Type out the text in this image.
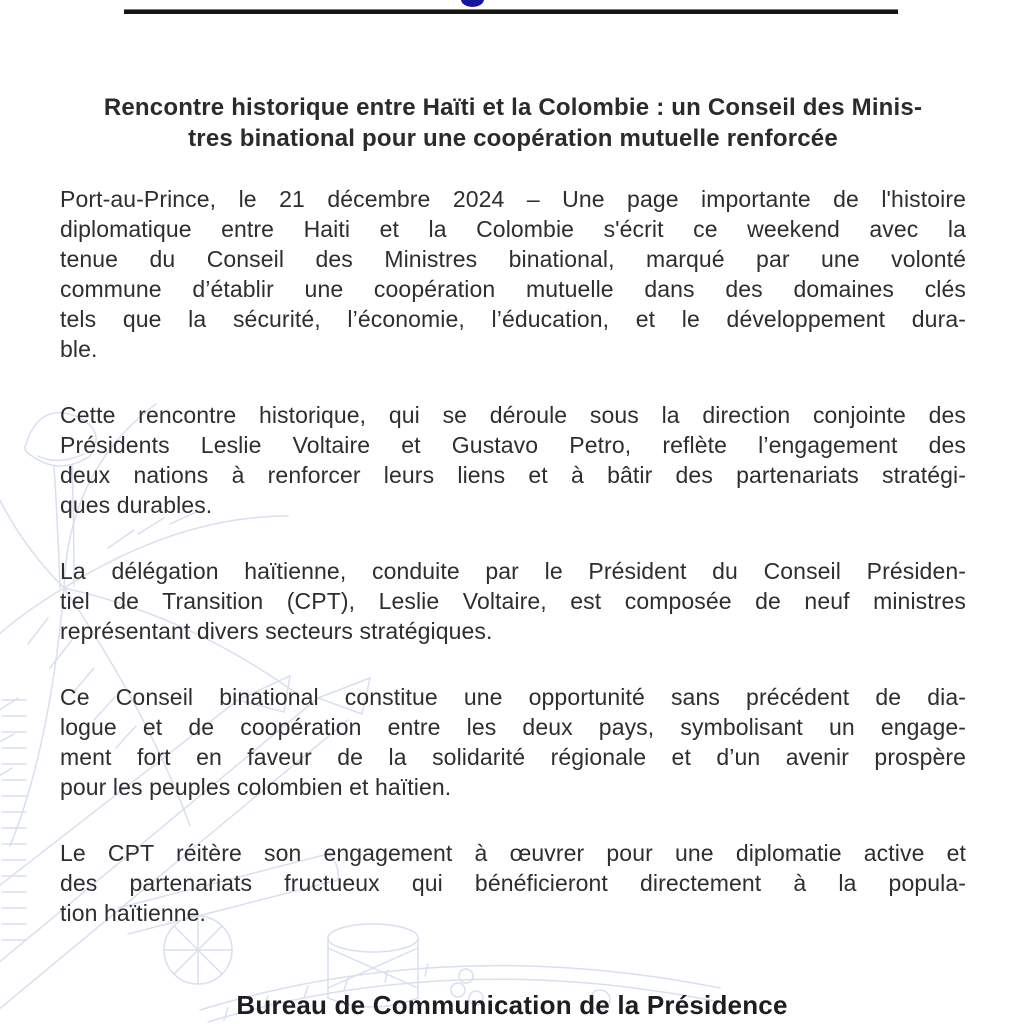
Rencontre historique entre Haïti et la Colombie : un Conseil des Minis-
tres binational pour une coopération mutuelle renforcée
Port-au-Prince, le 21 décembre 2024 – Une page importante de l'histoire
diplomatique entre Haiti et la Colombie s'écrit ce weekend avec la
tenue du Conseil des Ministres binational, marqué par une volonté
commune d’établir une coopération mutuelle dans des domaines clés
tels que la sécurité, l’économie, l’éducation, et le développement dura-
ble.
Cette rencontre historique, qui se déroule sous la direction conjointe des
Présidents Leslie Voltaire et Gustavo Petro, reflète l’engagement des
deux nations à renforcer leurs liens et à bâtir des partenariats stratégi-
ques durables.
La délégation haïtienne, conduite par le Président du Conseil Présiden-
tiel de Transition (CPT), Leslie Voltaire, est composée de neuf ministres
représentant divers secteurs stratégiques.
Ce Conseil binational constitue une opportunité sans précédent de dia-
logue et de coopération entre les deux pays, symbolisant un engage-
ment fort en faveur de la solidarité régionale et d’un avenir prospère
pour les peuples colombien et haïtien.
Le CPT réitère son engagement à œuvrer pour une diplomatie active et
des partenariats fructueux qui bénéficieront directement à la popula-
tion haïtienne.
Bureau de Communication de la Présidence
